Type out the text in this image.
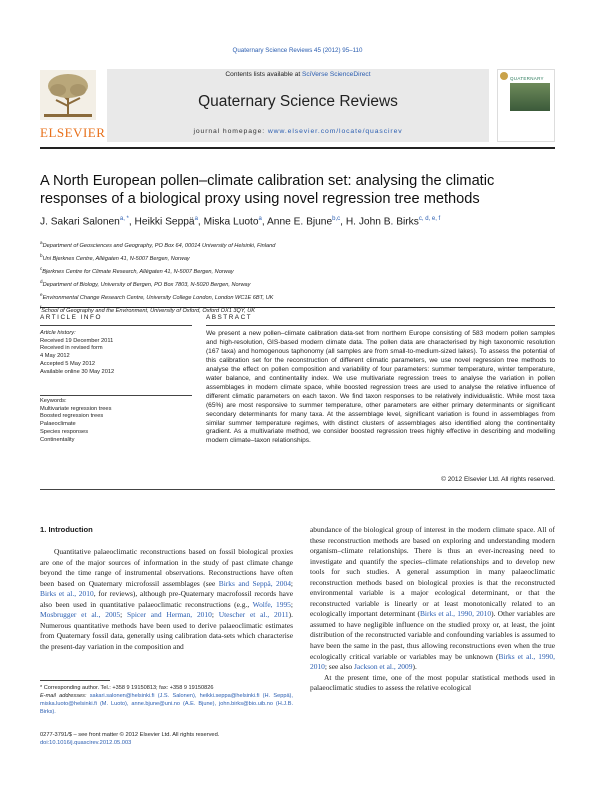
Quaternary Science Reviews 45 (2012) 95–110
ELSEVIER
Contents lists available at SciVerse ScienceDirect
Quaternary Science Reviews
journal homepage: www.elsevier.com/locate/quascirev
QUATERNARY
A North European pollen–climate calibration set: analysing the climatic responses of a biological proxy using novel regression tree methods
J. Sakari Salonen$^{a, *}$, Heikki Seppä$^a$, Miska Luoto$^a$, Anne E. Bjune$^{b,c}$, H. John B. Birks$^{c, d, e, f}$
$^a$Department of Geosciences and Geography, PO Box 64, 00014 University of Helsinki, Finland
$^b$Uni Bjerknes Centre, Allégaten 41, N-5007 Bergen, Norway
$^c$Bjerknes Centre for Climate Research, Allégaten 41, N-5007 Bergen, Norway
$^d$Department of Biology, University of Bergen, PO Box 7803, N-5020 Bergen, Norway
$^e$Environmental Change Research Centre, University College London, London WC1E 6BT, UK
$^f$School of Geography and the Environment, University of Oxford, Oxford OX1 3QY, UK
ARTICLE INFO
Article history:
Received 19 December 2011
Received in revised form
4 May 2012
Accepted 5 May 2012
Available online 30 May 2012
Keywords:
Multivariate regression trees
Boosted regression trees
Palaeoclimate
Species responses
Continentality
ABSTRACT
We present a new pollen–climate calibration data-set from northern Europe consisting of 583 modern pollen samples and high-resolution, GIS-based modern climate data. The pollen data are characterised by high taxonomic resolution (167 taxa) and homogenous taphonomy (all samples are from small-to-medium-sized lakes). To assess the potential of this calibration set for the reconstruction of different climatic parameters, we use novel regression tree methods to analyse the effect on pollen composition and variability of four parameters: summer temperature, winter temperature, water balance, and continentality index. We use multivariate regression trees to analyse the variation in pollen assemblages in modern climate space, while boosted regression trees are used to analyse the relative influence of different climatic parameters on each taxon. We find taxon responses to be relatively individualistic. While most taxa (65%) are most responsive to summer temperature, other parameters are either primary determinants or significant secondary determinants for many taxa. At the assemblage level, significant variation is found in assemblages from similar summer temperature regimes, with distinct clusters of assemblages also identified along the continentality gradient. As a multivariate method, we consider boosted regression trees highly effective in describing and modelling modern climate–taxon relationships.
© 2012 Elsevier Ltd. All rights reserved.
1. Introduction
Quantitative palaeoclimatic reconstructions based on fossil biological proxies are one of the major sources of information in the study of past climate change beyond the time range of instrumental observations. Reconstructions have often been based on Quaternary microfossil assemblages (see Birks and Seppä, 2004; Birks et al., 2010, for reviews), although pre-Quaternary macrofossil records have also been used in quantitative palaeoclimatic reconstructions (e.g., Wolfe, 1995; Mosbrugger et al., 2005; Spicer and Herman, 2010; Utescher et al., 2011). Numerous quantitative methods have been used to derive palaeoclimatic estimates from Quaternary fossil data, generally using calibration data-sets which characterise the present-day variation in the composition and

abundance of the biological group of interest in the modern climate space. All of these reconstruction methods are based on exploring and understanding modern organism–climate relationships. There is thus an ever-increasing need to investigate and quantify the species–climate relationships and to develop new tools for such studies. A general assumption in many palaeoclimatic reconstruction methods based on biological proxies is that the reconstructed environmental variable is a major ecological determinant, or that the reconstructed variable is linearly or at least monotonically related to an ecologically important determinant (Birks et al., 1990, 2010). Other variables are assumed to have negligible influence on the studied proxy or, at least, the joint distribution of the reconstructed variable and confounding variables is assumed to have been the same in the past, thus allowing reconstructions even when the true ecologically critical variable or variables may be unknown (Birks et al., 1990, 2010; see also Jackson et al., 2009).

At the present time, one of the most popular statistical methods used in palaeoclimatic studies to assess the relative ecological

* Corresponding author. Tel.: +358 9 19150813; fax: +358 9 19150826
E-mail addresses: sakari.salonen@helsinki.fi (J.S. Salonen), heikki.seppa@helsinki.fi (H. Seppä), miska.luoto@helsinki.fi (M. Luoto), anne.bjune@uni.no (A.E. Bjune), john.birks@bio.uib.no (H.J.B. Birks).
0277-3791/$ – see front matter © 2012 Elsevier Ltd. All rights reserved.
doi:10.1016/j.quascirev.2012.05.003
